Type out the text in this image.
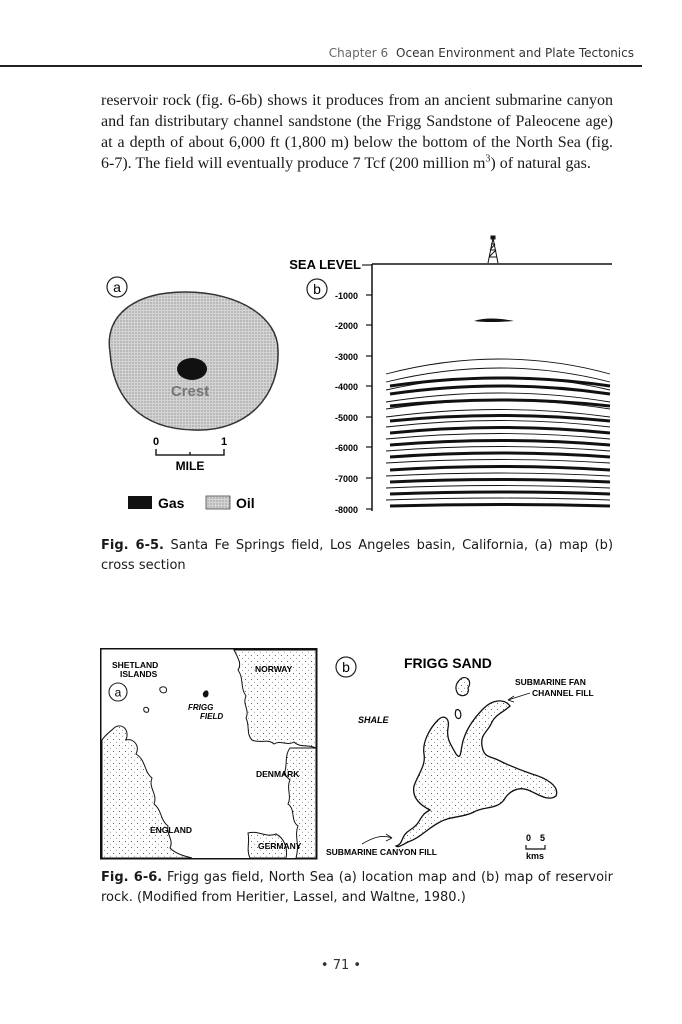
Chapter 6 Ocean Environment and Plate Tectonics
reservoir rock (fig. 6-6b) shows it produces from an ancient submarine canyon and fan distributary channel sandstone (the Frigg Sandstone of Paleocene age) at a depth of about 6,000 ft (1,800 m) below the bottom of the North Sea (fig. 6-7). The field will eventually produce 7 Tcf (200 million $m^3$) of natural gas.
a
Crest
0	1
MILE
Gas	Oil
SEA LEVEL
-1000
-2000
-3000
-4000
-5000
-6000
-7000
-8000
b
Fig. 6-5. Santa Fe Springs field, Los Angeles basin, California, (a) map (b) cross section
a
SHETLAND
ISLANDS	NORWAY
FRIGG
FIELD
DENMARK
ENGLAND
GERMANY
b	FRIGG SAND
SUBMARINE FAN
CHANNEL FILL
SHALE
SUBMARINE CANYON FILL
0 5
kms
Fig. 6-6. Frigg gas field, North Sea (a) location map and (b) map of reservoir rock. (Modified from Heritier, Lassel, and Waltne, 1980.)
• 71 •
